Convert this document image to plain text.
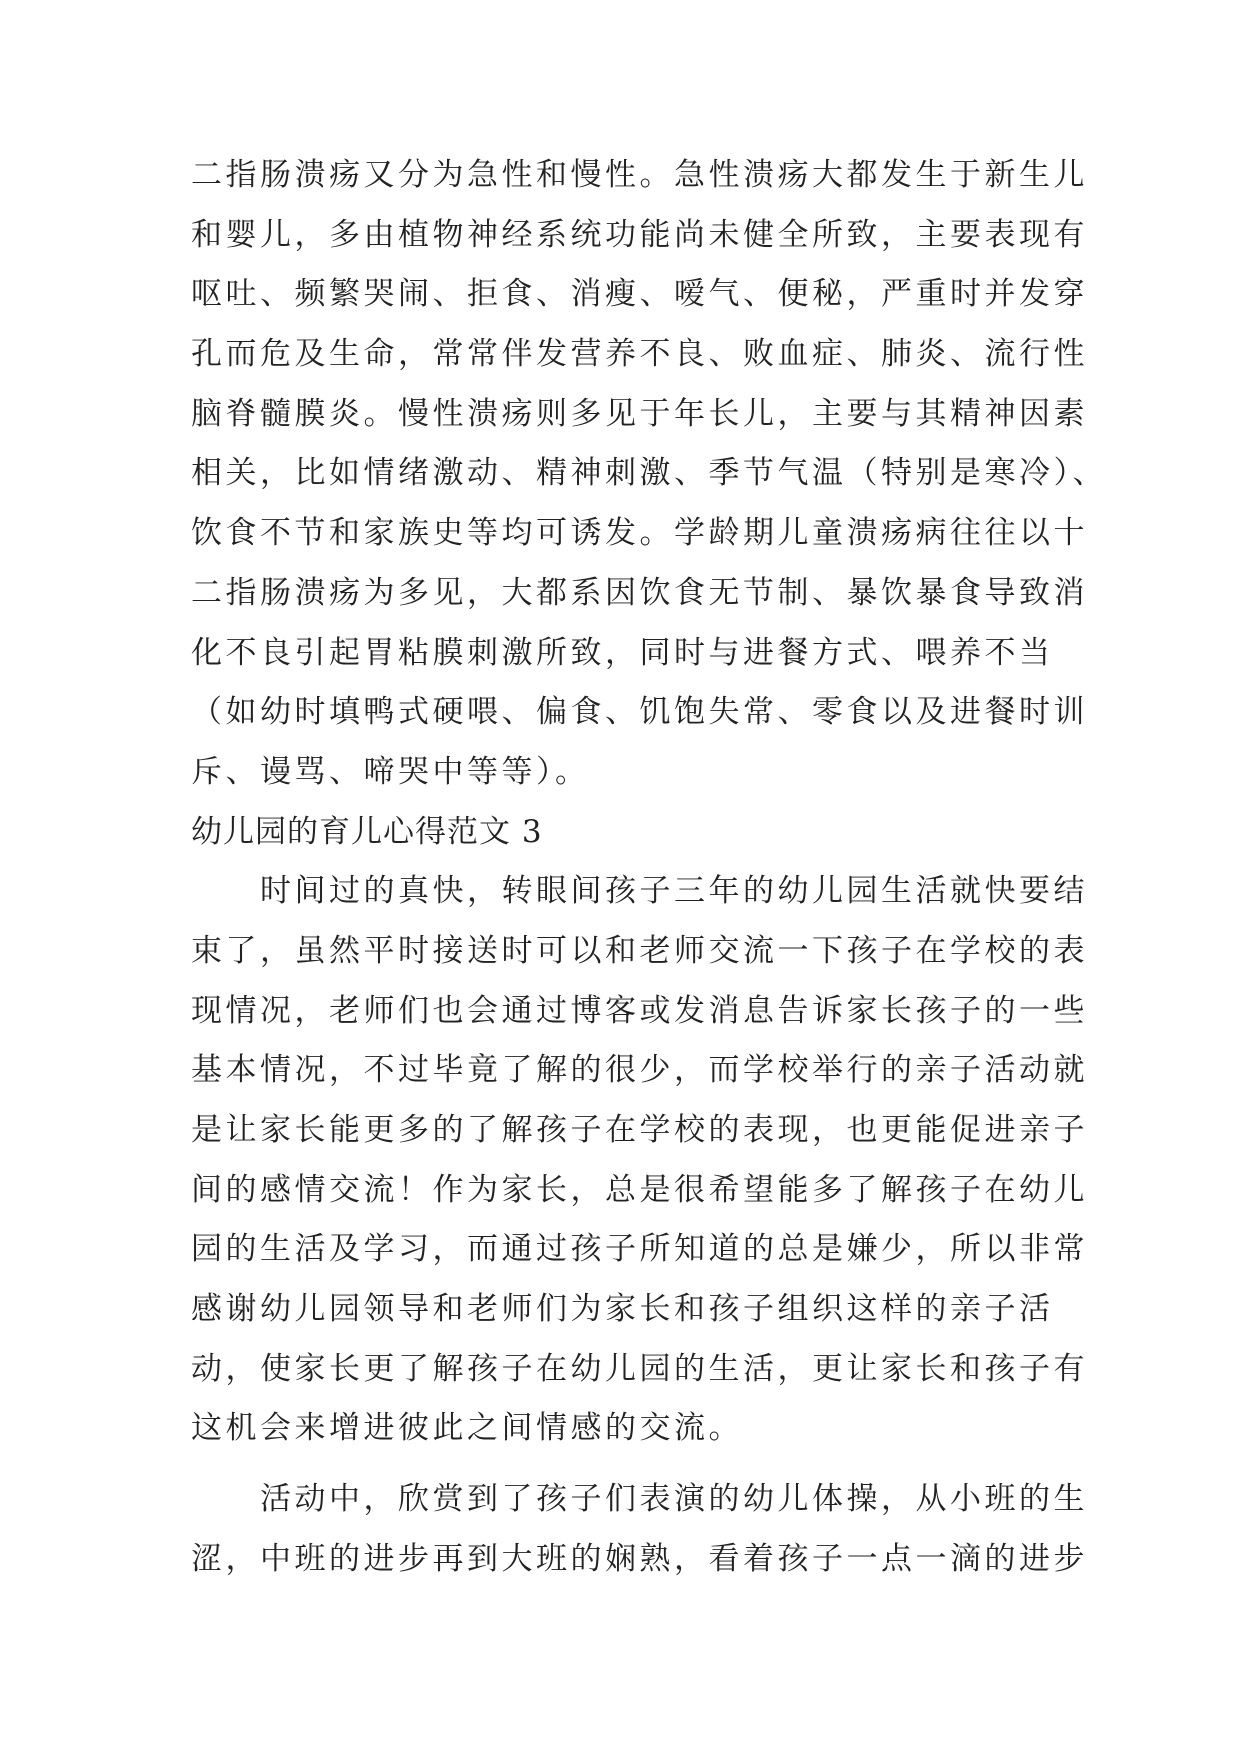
二指肠溃疡又分为急性和慢性。急性溃疡大都发生于新生儿
和婴儿，多由植物神经系统功能尚未健全所致，主要表现有
呕吐、频繁哭闹、拒食、消瘦、嗳气、便秘，严重时并发穿
孔而危及生命，常常伴发营养不良、败血症、肺炎、流行性
脑脊髓膜炎。慢性溃疡则多见于年长儿，主要与其精神因素
相关，比如情绪激动、精神刺激、季节气温（特别是寒冷）、
饮食不节和家族史等均可诱发。学龄期儿童溃疡病往往以十
二指肠溃疡为多见，大都系因饮食无节制、暴饮暴食导致消
化不良引起胃粘膜刺激所致，同时与进餐方式、喂养不当
（如幼时填鸭式硬喂、偏食、饥饱失常、零食以及进餐时训
斥、谩骂、啼哭中等等）。
幼儿园的育儿心得范文 3
　　时间过的真快，转眼间孩子三年的幼儿园生活就快要结
束了，虽然平时接送时可以和老师交流一下孩子在学校的表
现情况，老师们也会通过博客或发消息告诉家长孩子的一些
基本情况，不过毕竟了解的很少，而学校举行的亲子活动就
是让家长能更多的了解孩子在学校的表现，也更能促进亲子
间的感情交流！作为家长，总是很希望能多了解孩子在幼儿
园的生活及学习，而通过孩子所知道的总是嫌少，所以非常
感谢幼儿园领导和老师们为家长和孩子组织这样的亲子活
动，使家长更了解孩子在幼儿园的生活，更让家长和孩子有
这机会来增进彼此之间情感的交流。
　　活动中，欣赏到了孩子们表演的幼儿体操，从小班的生
涩，中班的进步再到大班的娴熟，看着孩子一点一滴的进步
